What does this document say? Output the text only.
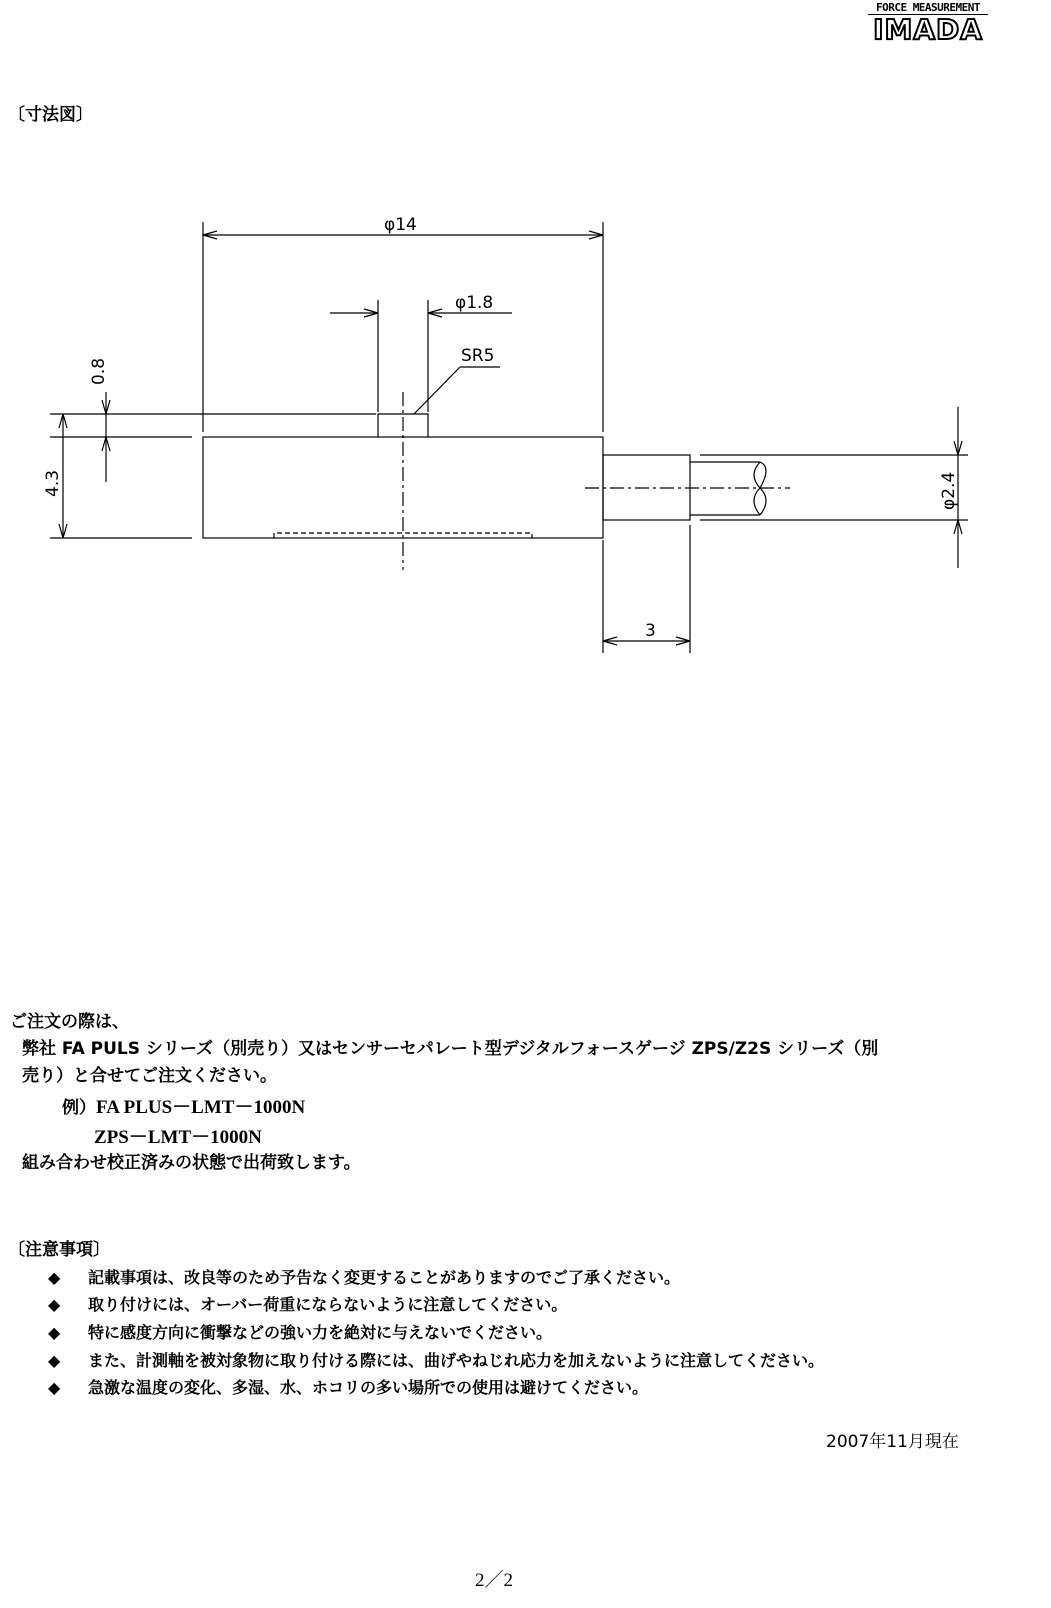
FORCE MEASUREMENT
IMADA
〔寸法図〕
φ14
φ1.8
SR5
3
0.8
4.3	φ2.4
ご注文の際は、
弊社 FA PULS シリーズ（別売り）又はセンサーセパレート型デジタルフォースゲージ ZPS/Z2S シリーズ（別
売り）と合せてご注文ください。
例）FA PLUS－LMT－1000N
ZPS－LMT－1000N
組み合わせ校正済みの状態で出荷致します。
〔注意事項〕
◆ 記載事項は、改良等のため予告なく変更することがありますのでご了承ください。
◆ 取り付けには、オーバー荷重にならないように注意してください。
◆ 特に感度方向に衝撃などの強い力を絶対に与えないでください。
◆ また、計測軸を被対象物に取り付ける際には、曲げやねじれ応力を加えないように注意してください。
◆ 急激な温度の変化、多湿、水、ホコリの多い場所での使用は避けてください。
2007年11月現在
2／2
